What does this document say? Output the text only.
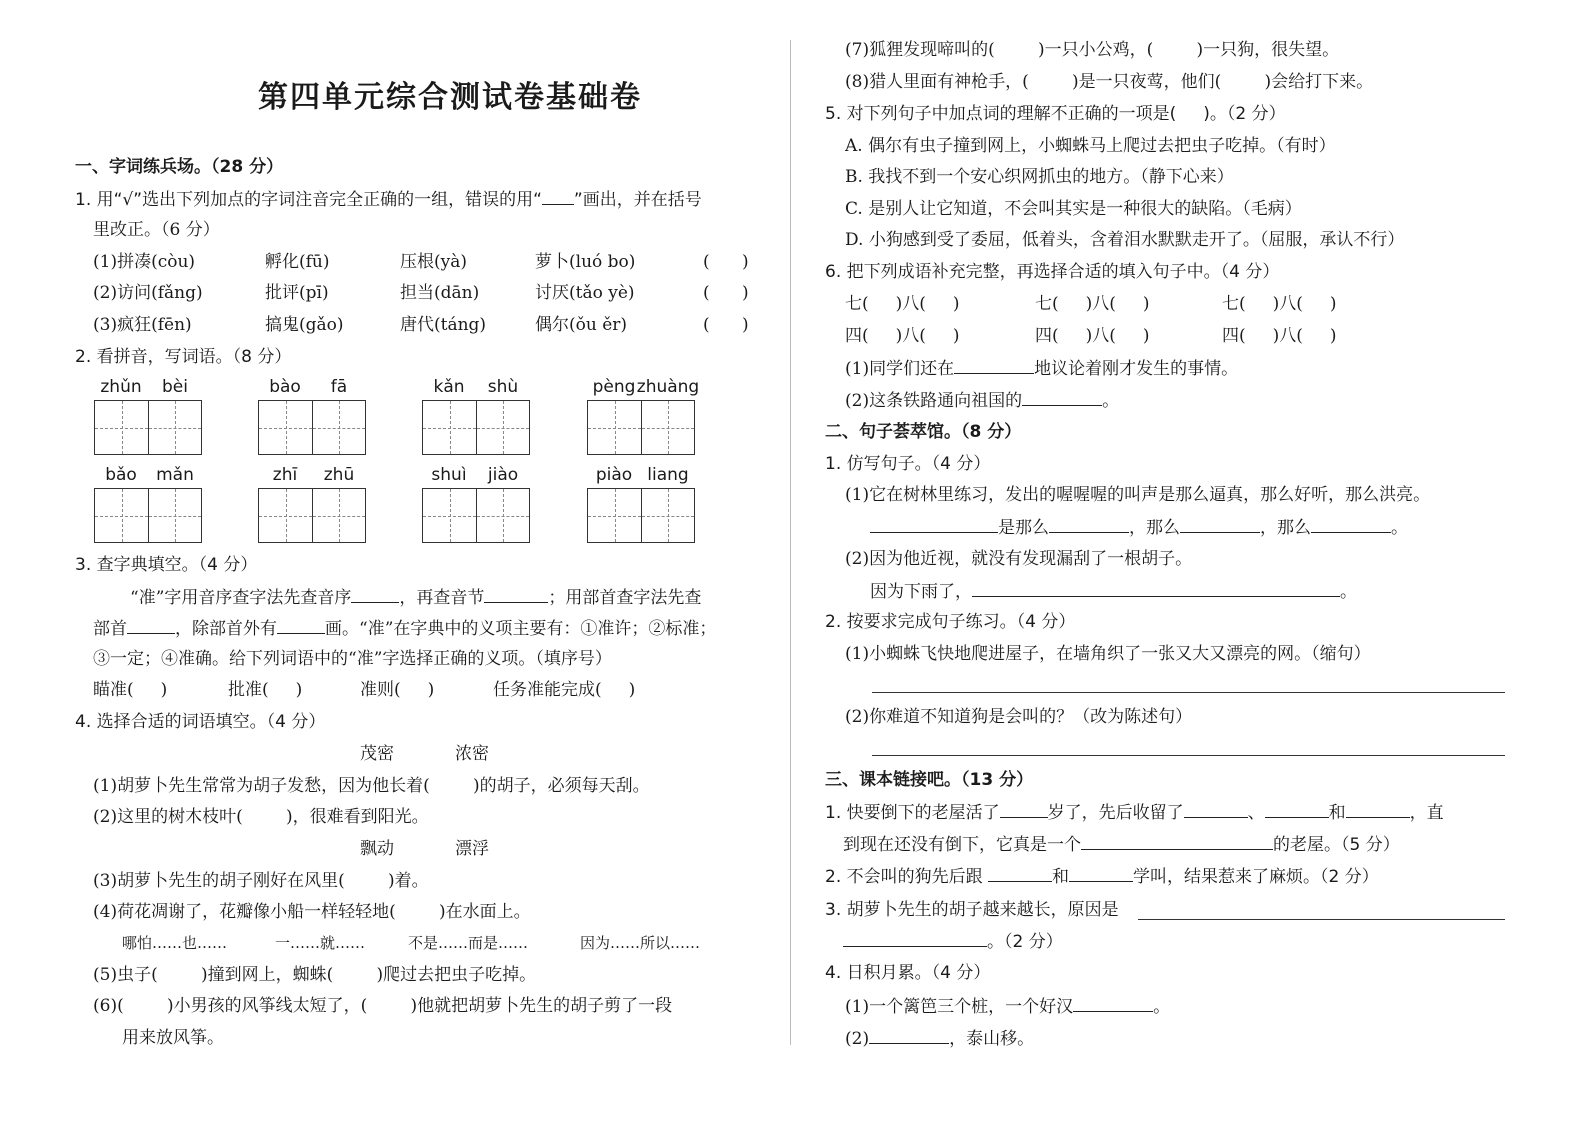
第四单元综合测试卷基础卷
一、字词练兵场。（28 分）
1. 用“√”选出下列加点的字词注音完全正确的一组，错误的用“ ”画出，并在括号
里改正。（6 分）
(1)拼凑(còu)	孵化(fū)	压根(yà)	萝卜(luó bo)	(      )
(2)访问(fǎng)	批评(pī)	担当(dān)	讨厌(tǎo yè)	(      )
(3)疯狂(fēn)	搞鬼(gǎo)	唐代(táng)	偶尔(ǒu ěr)	(      )
2. 看拼音，写词语。（8 分）
zhǔn bèi	bào fā	kǎn shù	pèng zhuàng
bǎo mǎn	zhī zhū	shuì jiào	piào liang
3. 查字典填空。（4 分）
“准”字用音序查字法先查音序	，再查音节	；用部首查字法先查
部首	，除部首外有	画。“准”在字典中的义项主要有：①准许；②标准；
③一定；④准确。给下列词语中的“准”字选择正确的义项。（填序号）
瞄准(     )	批准(     )	准则(     )	任务准能完成(     )
4. 选择合适的词语填空。（4 分）
茂密	浓密
(1)胡萝卜先生常常为胡子发愁，因为他长着(        )的胡子，必须每天刮。
(2)这里的树木枝叶(        )，很难看到阳光。
飘动	漂浮
(3)胡萝卜先生的胡子刚好在风里(        )着。
(4)荷花凋谢了，花瓣像小船一样轻轻地(        )在水面上。
哪怕……也……	一……就……	不是……而是……	因为……所以……
(5)虫子(        )撞到网上，蜘蛛(        )爬过去把虫子吃掉。
(6)(        )小男孩的风筝线太短了，(        )他就把胡萝卜先生的胡子剪了一段
用来放风筝。
(7)狐狸发现啼叫的(        )一只小公鸡，(        )一只狗，很失望。
(8)猎人里面有神枪手，(        )是一只夜莺，他们(        )会给打下来。
5. 对下列句子中加点词的理解不正确的一项是(     )。（2 分）
A. 偶尔有虫子撞到网上，小蜘蛛马上爬过去把虫子吃掉。（有时）
B. 我找不到一个安心织网抓虫的地方。（静下心来）
C. 是别人让它知道，不会叫其实是一种很大的缺陷。（毛病）
D. 小狗感到受了委屈，低着头，含着泪水默默走开了。（屈服，承认不行）
6. 把下列成语补充完整，再选择合适的填入句子中。（4 分）
七(     )八(     )	七(     )八(     )	七(     )八(     )
四(     )八(     )	四(     )八(     )	四(     )八(     )
(1)同学们还在	地议论着刚才发生的事情。
(2)这条铁路通向祖国的	。
二、句子荟萃馆。（8 分）
1. 仿写句子。（4 分）
(1)它在树林里练习，发出的喔喔喔的叫声是那么逼真，那么好听，那么洪亮。
是那么	，那么	，那么	。
(2)因为他近视，就没有发现漏刮了一根胡子。
因为下雨了，	。
2. 按要求完成句子练习。（4 分）
(1)小蜘蛛飞快地爬进屋子，在墙角织了一张又大又漂亮的网。（缩句）
(2)你难道不知道狗是会叫的？（改为陈述句）
三、课本链接吧。（13 分）
1. 快要倒下的老屋活了	岁了，先后收留了	、	和	，直
到现在还没有倒下，它真是一个	的老屋。（5 分）
2. 不会叫的狗先后跟	和	学叫，结果惹来了麻烦。（2 分）
3. 胡萝卜先生的胡子越来越长，原因是
。（2 分）
4. 日积月累。（4 分）
(1)一个篱笆三个桩，一个好汉	。
(2)	，泰山移。
